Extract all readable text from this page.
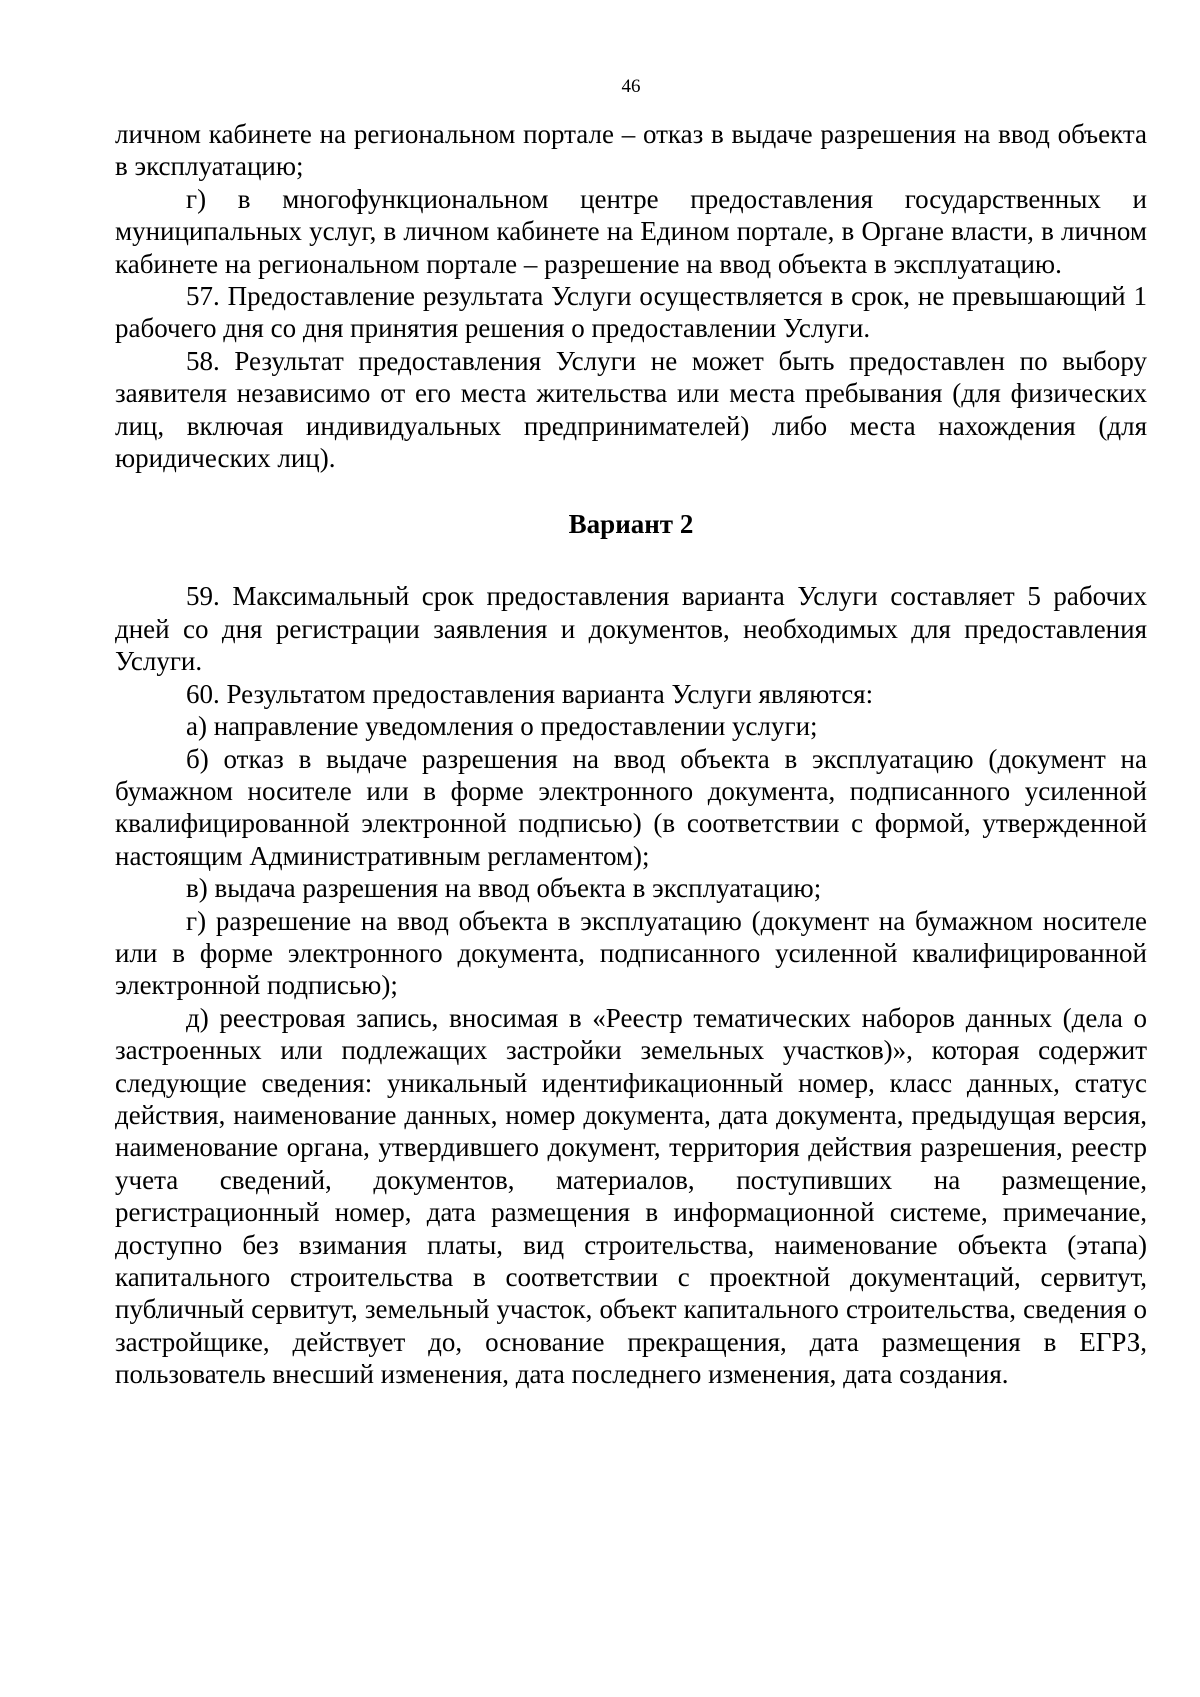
46

личном кабинете на региональном портале – отказ в выдаче разрешения на ввод объекта в эксплуатацию;

г) в многофункциональном центре предоставления государственных и муниципальных услуг, в личном кабинете на Едином портале, в Органе власти, в личном кабинете на региональном портале – разрешение на ввод объекта в эксплуатацию.

57. Предоставление результата Услуги осуществляется в срок, не превышающий 1 рабочего дня со дня принятия решения о предоставлении Услуги.

58. Результат предоставления Услуги не может быть предоставлен по выбору заявителя независимо от его места жительства или места пребывания (для физических лиц, включая индивидуальных предпринимателей) либо места нахождения (для юридических лиц).

Вариант 2

59. Максимальный срок предоставления варианта Услуги составляет 5 рабочих дней со дня регистрации заявления и документов, необходимых для предоставления Услуги.

60. Результатом предоставления варианта Услуги являются:

а) направление уведомления о предоставлении услуги;

б) отказ в выдаче разрешения на ввод объекта в эксплуатацию (документ на бумажном носителе или в форме электронного документа, подписанного усиленной квалифицированной электронной подписью) (в соответствии с формой, утвержденной настоящим Административным регламентом);

в) выдача разрешения на ввод объекта в эксплуатацию;

г) разрешение на ввод объекта в эксплуатацию (документ на бумажном носителе или в форме электронного документа, подписанного усиленной квалифицированной электронной подписью);

д) реестровая запись, вносимая в «Реестр тематических наборов данных (дела о застроенных или подлежащих застройки земельных участков)», которая содержит следующие сведения: уникальный идентификационный номер, класс данных, статус действия, наименование данных, номер документа, дата документа, предыдущая версия, наименование органа, утвердившего документ, территория действия разрешения, реестр учета сведений, документов, материалов, поступивших на размещение, регистрационный номер, дата размещения в информационной системе, примечание, доступно без взимания платы, вид строительства, наименование объекта (этапа) капитального строительства в соответствии с проектной документаций, сервитут, публичный сервитут, земельный участок, объект капитального строительства, сведения о застройщике, действует до, основание прекращения, дата размещения в ЕГРЗ, пользователь внесший изменения, дата последнего изменения, дата создания.
